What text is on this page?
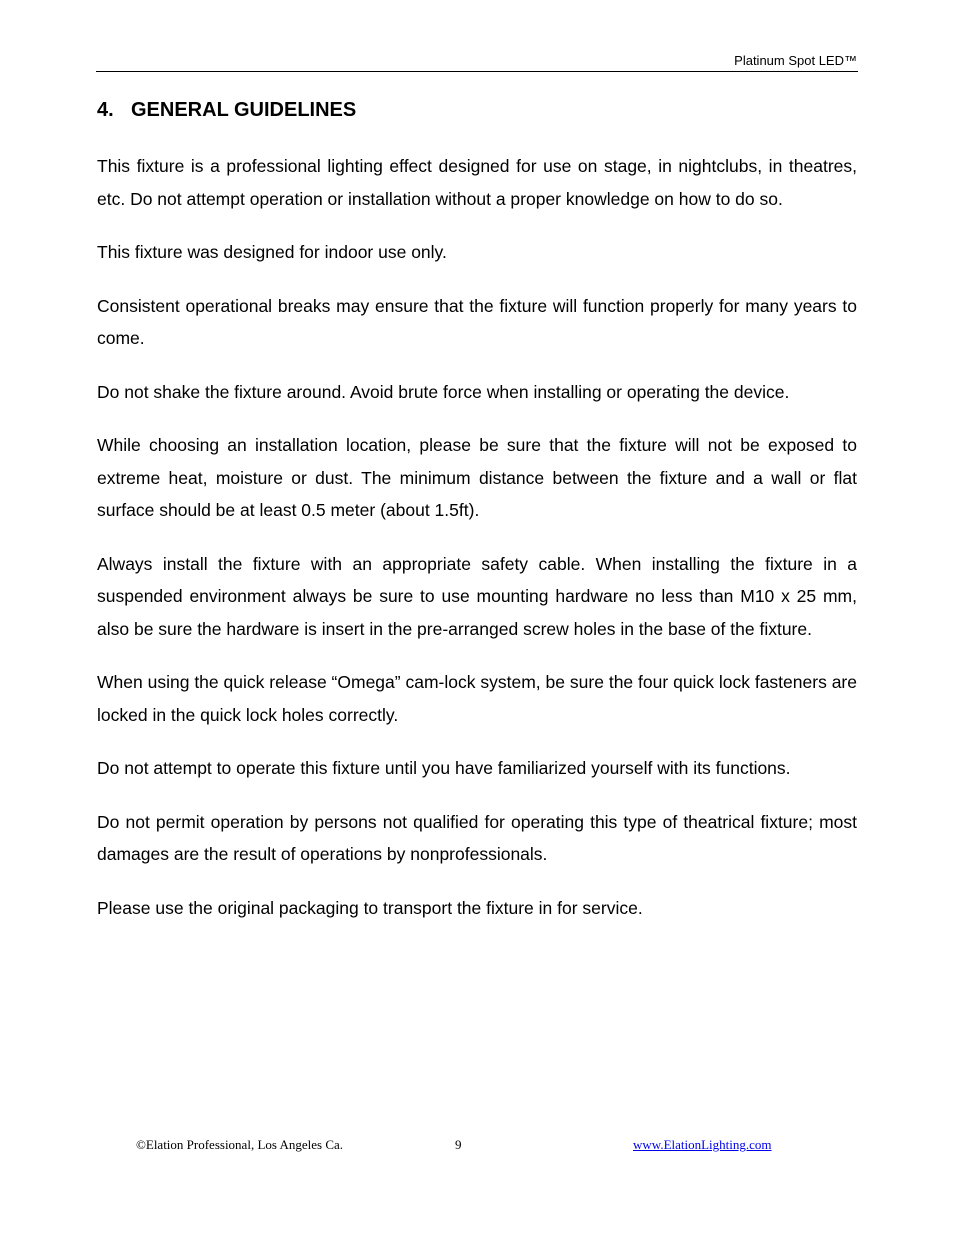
Platinum Spot LED™
4. GENERAL GUIDELINES

This fixture is a professional lighting effect designed for use on stage, in nightclubs, in theatres, etc. Do not attempt operation or installation without a proper knowledge on how to do so.

This fixture was designed for indoor use only.

Consistent operational breaks may ensure that the fixture will function properly for many years to come.

Do not shake the fixture around. Avoid brute force when installing or operating the device.

While choosing an installation location, please be sure that the fixture will not be exposed to extreme heat, moisture or dust. The minimum distance between the fixture and a wall or flat surface should be at least 0.5 meter (about 1.5ft).

Always install the fixture with an appropriate safety cable. When installing the fixture in a suspended environment always be sure to use mounting hardware no less than M10 x 25 mm, also be sure the hardware is insert in the pre-arranged screw holes in the base of the fixture.

When using the quick release “Omega” cam-lock system, be sure the four quick lock fasteners are locked in the quick lock holes correctly.

Do not attempt to operate this fixture until you have familiarized yourself with its functions.

Do not permit operation by persons not qualified for operating this type of theatrical fixture; most damages are the result of operations by nonprofessionals.

Please use the original packaging to transport the fixture in for service.

©Elation Professional, Los Angeles Ca.	9	www.ElationLighting.com
